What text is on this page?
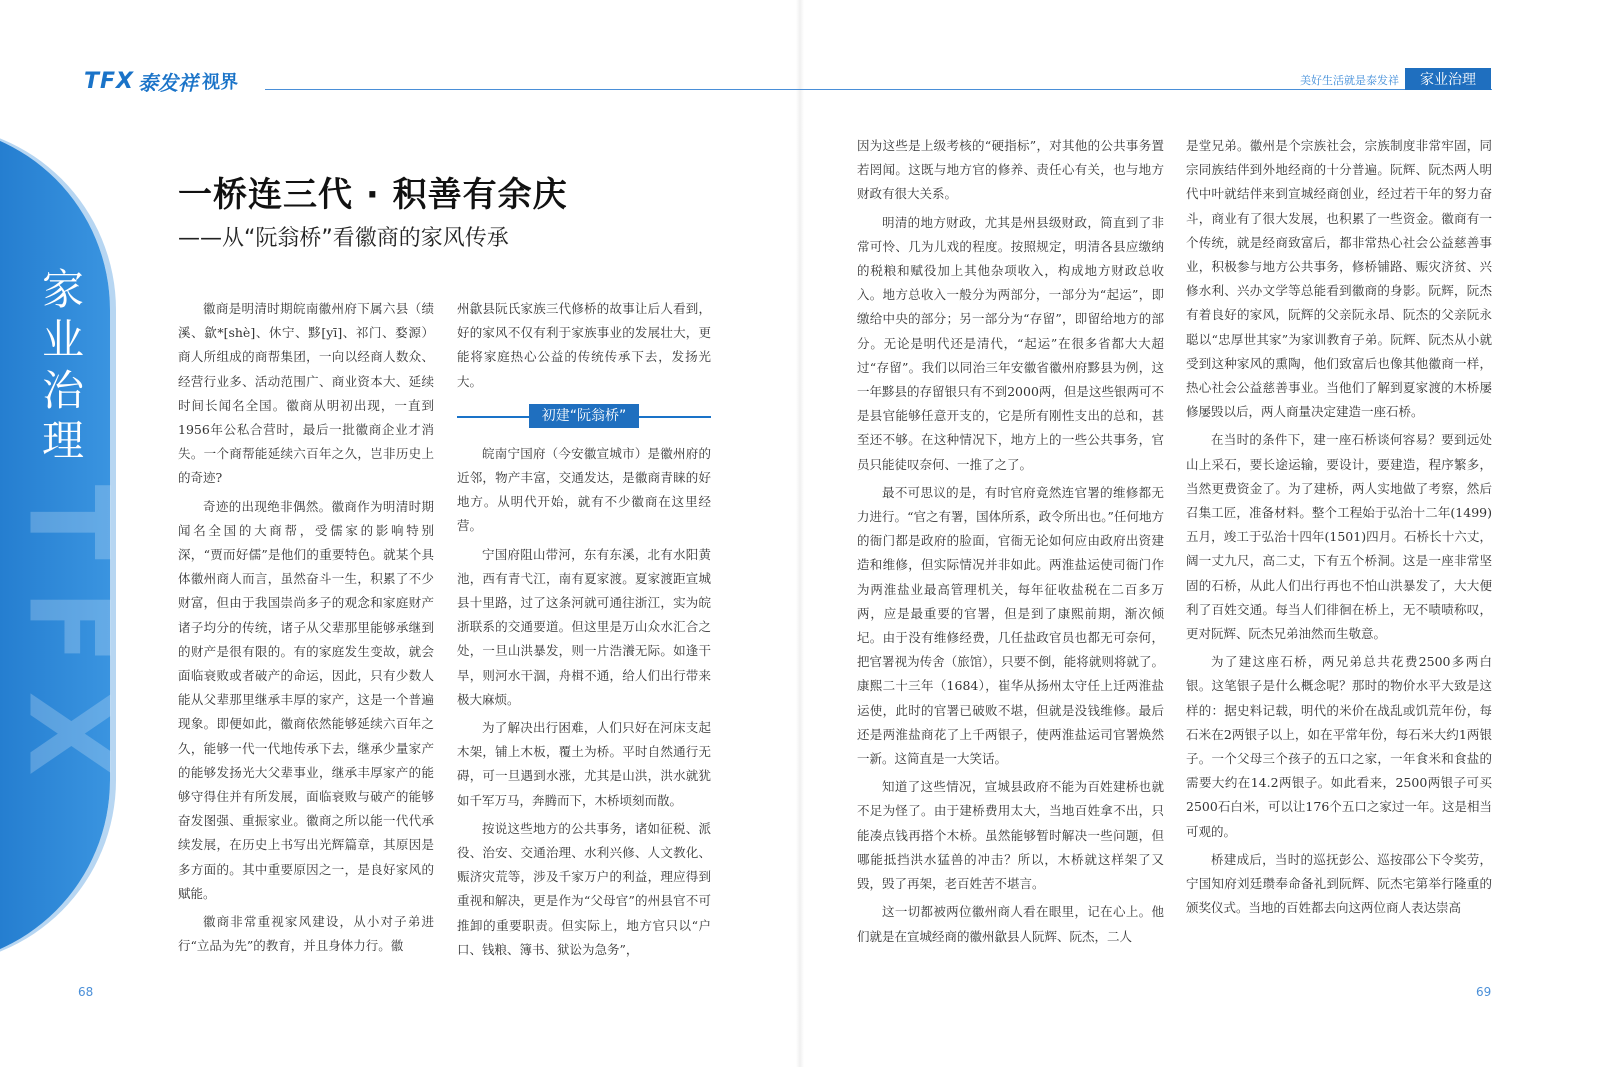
T
F
X
家
业
治
理
TFX 泰发祥 视界	美好生活就是泰发祥	家业治理
一桥连三代 · 积善有余庆
——从“阮翁桥”看徽商的家风传承

徽商是明清时期皖南徽州府下属六县（绩溪、歙*[shè]、休宁、黟[yī]、祁门、婺源）商人所组成的商帮集团，一向以经商人数众、经营行业多、活动范围广、商业资本大、延续时间长闻名全国。徽商从明初出现，一直到1956年公私合营时，最后一批徽商企业才消失。一个商帮能延续六百年之久，岂非历史上的奇迹?

奇迹的出现绝非偶然。徽商作为明清时期闻名全国的大商帮，受儒家的影响特别深，“贾而好儒”是他们的重要特色。就某个具体徽州商人而言，虽然奋斗一生，积累了不少财富，但由于我国崇尚多子的观念和家庭财产诸子均分的传统，诸子从父辈那里能够承继到的财产是很有限的。有的家庭发生变故，就会面临衰败或者破产的命运，因此，只有少数人能从父辈那里继承丰厚的家产，这是一个普遍现象。即便如此，徽商依然能够延续六百年之久，能够一代一代地传承下去，继承少量家产的能够发扬光大父辈事业，继承丰厚家产的能够守得住并有所发展，面临衰败与破产的能够奋发图强、重振家业。徽商之所以能一代代承续发展，在历史上书写出光辉篇章，其原因是多方面的。其中重要原因之一，是良好家风的赋能。

徽商非常重视家风建设，从小对子弟进行“立品为先”的教育，并且身体力行。徽

州歙县阮氏家族三代修桥的故事让后人看到，好的家风不仅有利于家族事业的发展壮大，更能将家庭热心公益的传统传承下去，发扬光大。

初建“阮翁桥”

皖南宁国府（今安徽宣城市）是徽州府的近邻，物产丰富，交通发达，是徽商青睐的好地方。从明代开始，就有不少徽商在这里经营。

宁国府阻山带河，东有东溪，北有水阳黄池，西有青弋江，南有夏家渡。夏家渡距宣城县十里路，过了这条河就可通往浙江，实为皖浙联系的交通要道。但这里是万山众水汇合之处，一旦山洪暴发，则一片浩瀁无际。如逢干旱，则河水干涸，舟楫不通，给人们出行带来极大麻烦。

为了解决出行困难，人们只好在河床支起木架，铺上木板，覆土为桥。平时自然通行无碍，可一旦遇到水涨，尤其是山洪，洪水就犹如千军万马，奔腾而下，木桥顷刻而散。

按说这些地方的公共事务，诸如征税、派役、治安、交通治理、水利兴修、人文教化、赈济灾荒等，涉及千家万户的利益，理应得到重视和解决，更是作为“父母官”的州县官不可推卸的重要职责。但实际上，地方官只以“户口、钱粮、簿书、狱讼为急务”，

因为这些是上级考核的“硬指标”，对其他的公共事务置若罔闻。这既与地方官的修养、责任心有关，也与地方财政有很大关系。

明清的地方财政，尤其是州县级财政，简直到了非常可怜、几为儿戏的程度。按照规定，明清各县应缴纳的税粮和赋役加上其他杂项收入，构成地方财政总收入。地方总收入一般分为两部分，一部分为“起运”，即缴给中央的部分；另一部分为“存留”，即留给地方的部分。无论是明代还是清代，“起运”在很多省都大大超过“存留”。我们以同治三年安徽省徽州府黟县为例，这一年黟县的存留银只有不到2000两，但是这些银两可不是县官能够任意开支的，它是所有刚性支出的总和，甚至还不够。在这种情况下，地方上的一些公共事务，官员只能徒叹奈何、一推了之了。

最不可思议的是，有时官府竟然连官署的维修都无力进行。“官之有署，国体所系，政令所出也。”任何地方的衙门都是政府的脸面，官衙无论如何应由政府出资建造和维修，但实际情况并非如此。两淮盐运使司衙门作为两淮盐业最高管理机关，每年征收盐税在二百多万两，应是最重要的官署，但是到了康熙前期，渐次倾圮。由于没有维修经费，几任盐政官员也都无可奈何，把官署视为传舍（旅馆），只要不倒，能将就则将就了。康熙二十三年（1684），崔华从扬州太守任上迁两淮盐运使，此时的官署已破败不堪，但就是没钱维修。最后还是两淮盐商花了上千两银子，使两淮盐运司官署焕然一新。这简直是一大笑话。

知道了这些情况，宣城县政府不能为百姓建桥也就不足为怪了。由于建桥费用太大，当地百姓拿不出，只能凑点钱再搭个木桥。虽然能够暂时解决一些问题，但哪能抵挡洪水猛兽的冲击？所以，木桥就这样架了又毁，毁了再架，老百姓苦不堪言。

这一切都被两位徽州商人看在眼里，记在心上。他们就是在宣城经商的徽州歙县人阮辉、阮杰，二人

是堂兄弟。徽州是个宗族社会，宗族制度非常牢固，同宗同族结伴到外地经商的十分普遍。阮辉、阮杰两人明代中叶就结伴来到宣城经商创业，经过若干年的努力奋斗，商业有了很大发展，也积累了一些资金。徽商有一个传统，就是经商致富后，都非常热心社会公益慈善事业，积极参与地方公共事务，修桥铺路、赈灾济贫、兴修水利、兴办文学等总能看到徽商的身影。阮辉，阮杰有着良好的家风，阮辉的父亲阮永昂、阮杰的父亲阮永聪以“忠厚世其家”为家训教育子弟。阮辉、阮杰从小就受到这种家风的熏陶，他们致富后也像其他徽商一样，热心社会公益慈善事业。当他们了解到夏家渡的木桥屡修屡毁以后，两人商量决定建造一座石桥。

在当时的条件下，建一座石桥谈何容易？要到远处山上采石，要长途运输，要设计，要建造，程序繁多，当然更费资金了。为了建桥，两人实地做了考察，然后召集工匠，准备材料。整个工程始于弘治十二年(1499)五月，竣工于弘治十四年(1501)四月。石桥长十六丈，阔一丈九尺，高二丈，下有五个桥洞。这是一座非常坚固的石桥，从此人们出行再也不怕山洪暴发了，大大便利了百姓交通。每当人们徘徊在桥上，无不啧啧称叹，更对阮辉、阮杰兄弟油然而生敬意。

为了建这座石桥，两兄弟总共花费2500多两白银。这笔银子是什么概念呢？那时的物价水平大致是这样的：据史料记载，明代的米价在战乱或饥荒年份，每石米在2两银子以上，如在平常年份，每石米大约1两银子。一个父母三个孩子的五口之家，一年食米和食盐的需要大约在14.2两银子。如此看来，2500两银子可买2500石白米，可以让176个五口之家过一年。这是相当可观的。

桥建成后，当时的巡抚彭公、巡按邵公下令奖劳，宁国知府刘廷瓒奉命备礼到阮辉、阮杰宅第举行隆重的颁奖仪式。当地的百姓都去向这两位商人表达崇高

68	69
